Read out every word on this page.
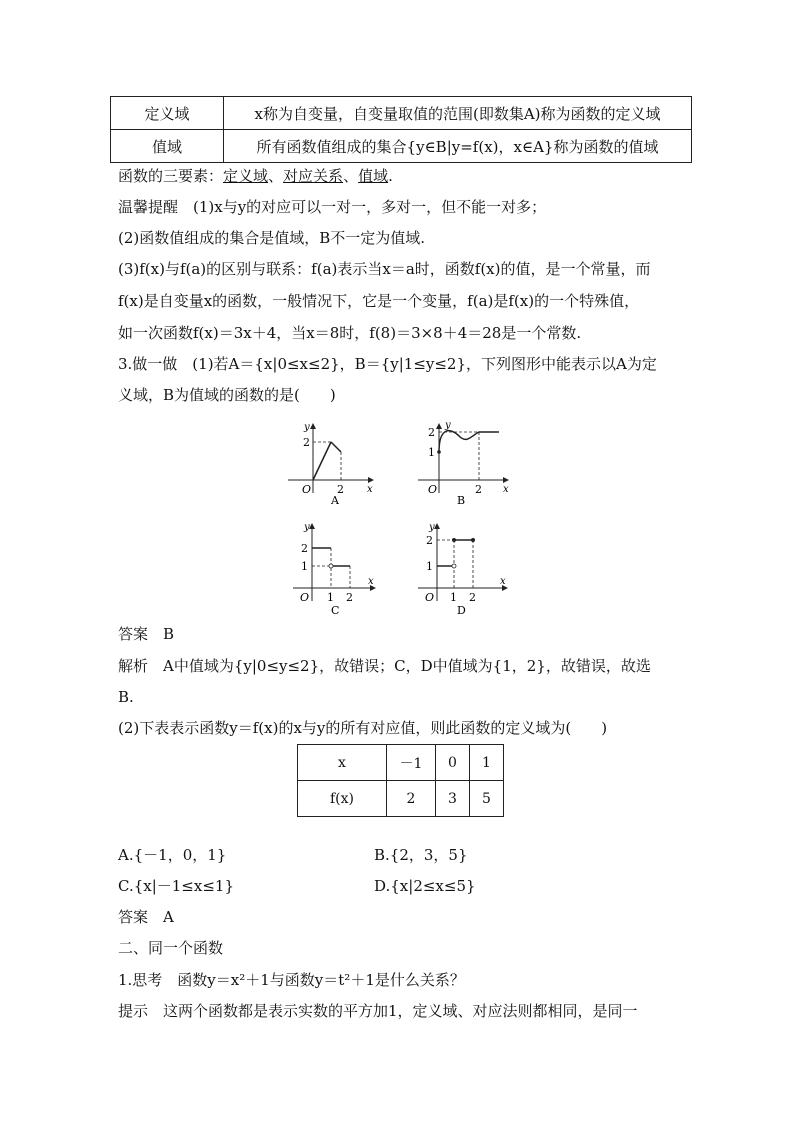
定义域	x称为自变量，自变量取值的范围(即数集A)称为函数的定义域
值域	所有函数值组成的集合{y∈B|y=f(x)，x∈A}称为函数的值域
函数的三要素：定义域、对应关系、值域.
温馨提醒　(1)x与y的对应可以一对一，多对一，但不能一对多；
(2)函数值组成的集合是值域，B不一定为值域.
(3)f(x)与f(a)的区别与联系：f(a)表示当x＝a时，函数f(x)的值，是一个常量，而
f(x)是自变量x的函数，一般情况下，它是一个变量，f(a)是f(x)的一个特殊值，
如一次函数f(x)＝3x＋4，当x＝8时，f(8)＝3×8＋4＝28是一个常数.
3.做一做　(1)若A＝{x|0≤x≤2}，B＝{y|1≤y≤2}，下列图形中能表示以A为定
义域，B为值域的函数的是(　　)
y
x
O
2
2
A
y
x
O
2
1
2
B
y
x
O
2
1
1 2
C
y
x
O
2
1
1 2
D
答案　B
解析　A中值域为{y|0≤y≤2}，故错误；C，D中值域为{1，2}，故错误，故选
B.
(2)下表表示函数y＝f(x)的x与y的所有对应值，则此函数的定义域为(　　)
x	－1	0	1
f(x)	2	3	5
A.{－1，0，1}	B.{2，3，5}
C.{x|－1≤x≤1}	D.{x|2≤x≤5}
答案　A
二、同一个函数
1.思考　函数y＝x²＋1与函数y＝t²＋1是什么关系？
提示　这两个函数都是表示实数的平方加1，定义域、对应法则都相同，是同一
